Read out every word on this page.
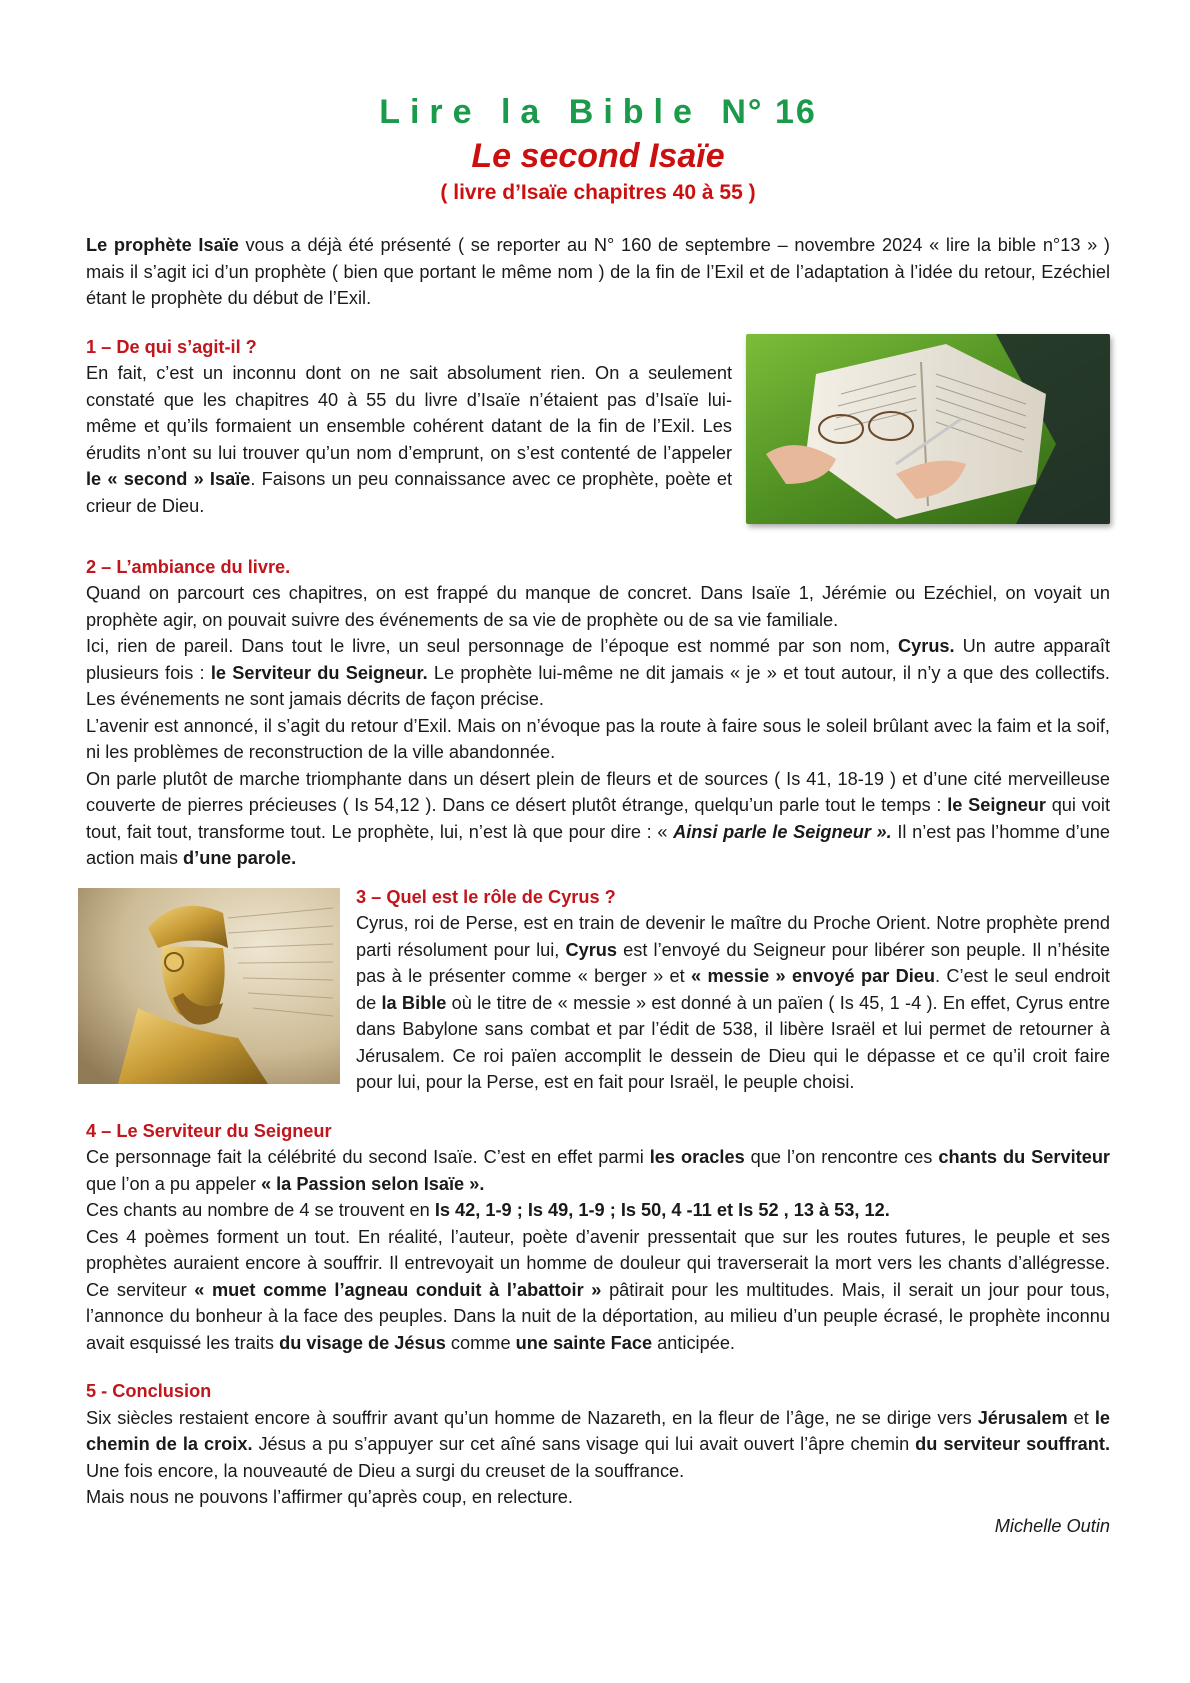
Lire la Bible N° 16
Le second Isaïe
( livre d’Isaïe chapitres 40 à 55 )

Le prophète Isaïe vous a déjà été présenté ( se reporter au N° 160 de septembre – novembre 2024 « lire la bible n°13 » ) mais il s’agit ici d’un prophète ( bien que portant le même nom ) de la fin de l’Exil et de l’adaptation à l’idée du retour, Ezéchiel étant le prophète du début de l’Exil.

1 – De qui s’agit-il ?

En fait, c’est un inconnu dont on ne sait absolument rien. On a seulement constaté que les chapitres 40 à 55 du livre d’Isaïe n’étaient pas d’Isaïe lui-même et qu’ils formaient un ensemble cohérent datant de la fin de l’Exil. Les érudits n’ont su lui trouver qu’un nom d’emprunt, on s’est contenté de l’appeler le « second » Isaïe. Faisons un peu connaissance avec ce prophète, poète et crieur de Dieu.

2 – L’ambiance du livre.

Quand on parcourt ces chapitres, on est frappé du manque de concret. Dans Isaïe 1, Jérémie ou Ezéchiel, on voyait un prophète agir, on pouvait suivre des événements de sa vie de prophète ou de sa vie familiale.

Ici, rien de pareil. Dans tout le livre, un seul personnage de l’époque est nommé par son nom, Cyrus. Un autre apparaît plusieurs fois : le Serviteur du Seigneur. Le prophète lui-même ne dit jamais « je » et tout autour, il n’y a que des collectifs. Les événements ne sont jamais décrits de façon précise.

L’avenir est annoncé, il s’agit du retour d’Exil. Mais on n’évoque pas la route à faire sous le soleil brûlant avec la faim et la soif, ni les problèmes de reconstruction de la ville abandonnée.

On parle plutôt de marche triomphante dans un désert plein de fleurs et de sources ( Is 41, 18-19 ) et d’une cité merveilleuse couverte de pierres précieuses ( Is 54,12 ). Dans ce désert plutôt étrange, quelqu’un parle tout le temps : le Seigneur qui voit tout, fait tout, transforme tout. Le prophète, lui, n’est là que pour dire : « Ainsi parle le Seigneur ». Il n’est pas l’homme d’une action mais d’une parole.

3 – Quel est le rôle de Cyrus ?

Cyrus, roi de Perse, est en train de devenir le maître du Proche Orient. Notre prophète prend parti résolument pour lui, Cyrus est l’envoyé du Seigneur pour libérer son peuple. Il n’hésite pas à le présenter comme « berger » et « messie » envoyé par Dieu. C’est le seul endroit de la Bible où le titre de « messie » est donné à un païen ( Is 45, 1 -4 ). En effet, Cyrus entre dans Babylone sans combat et par l’édit de 538, il libère Israël et lui permet de retourner à Jérusalem. Ce roi païen accomplit le dessein de Dieu qui le dépasse et ce qu’il croit faire pour lui, pour la Perse, est en fait pour Israël, le peuple choisi.

4 – Le Serviteur du Seigneur

Ce personnage fait la célébrité du second Isaïe. C’est en effet parmi les oracles que l’on rencontre ces chants du Serviteur que l’on a pu appeler « la Passion selon Isaïe ».

Ces chants au nombre de 4 se trouvent en Is 42, 1-9 ; Is 49, 1-9 ; Is 50, 4 -11 et Is 52 , 13 à 53, 12.

Ces 4 poèmes forment un tout. En réalité, l’auteur, poète d’avenir pressentait que sur les routes futures, le peuple et ses prophètes auraient encore à souffrir. Il entrevoyait un homme de douleur qui traverserait la mort vers les chants d’allégresse. Ce serviteur « muet comme l’agneau conduit à l’abattoir » pâtirait pour les multitudes. Mais, il serait un jour pour tous, l’annonce du bonheur à la face des peuples. Dans la nuit de la déportation, au milieu d’un peuple écrasé, le prophète inconnu avait esquissé les traits du visage de Jésus comme une sainte Face anticipée.

5 - Conclusion

Six siècles restaient encore à souffrir avant qu’un homme de Nazareth, en la fleur de l’âge, ne se dirige vers Jérusalem et le chemin de la croix. Jésus a pu s’appuyer sur cet aîné sans visage qui lui avait ouvert l’âpre chemin du serviteur souffrant. Une fois encore, la nouveauté de Dieu a surgi du creuset de la souffrance.

Mais nous ne pouvons l’affirmer qu’après coup, en relecture.

Michelle Outin
